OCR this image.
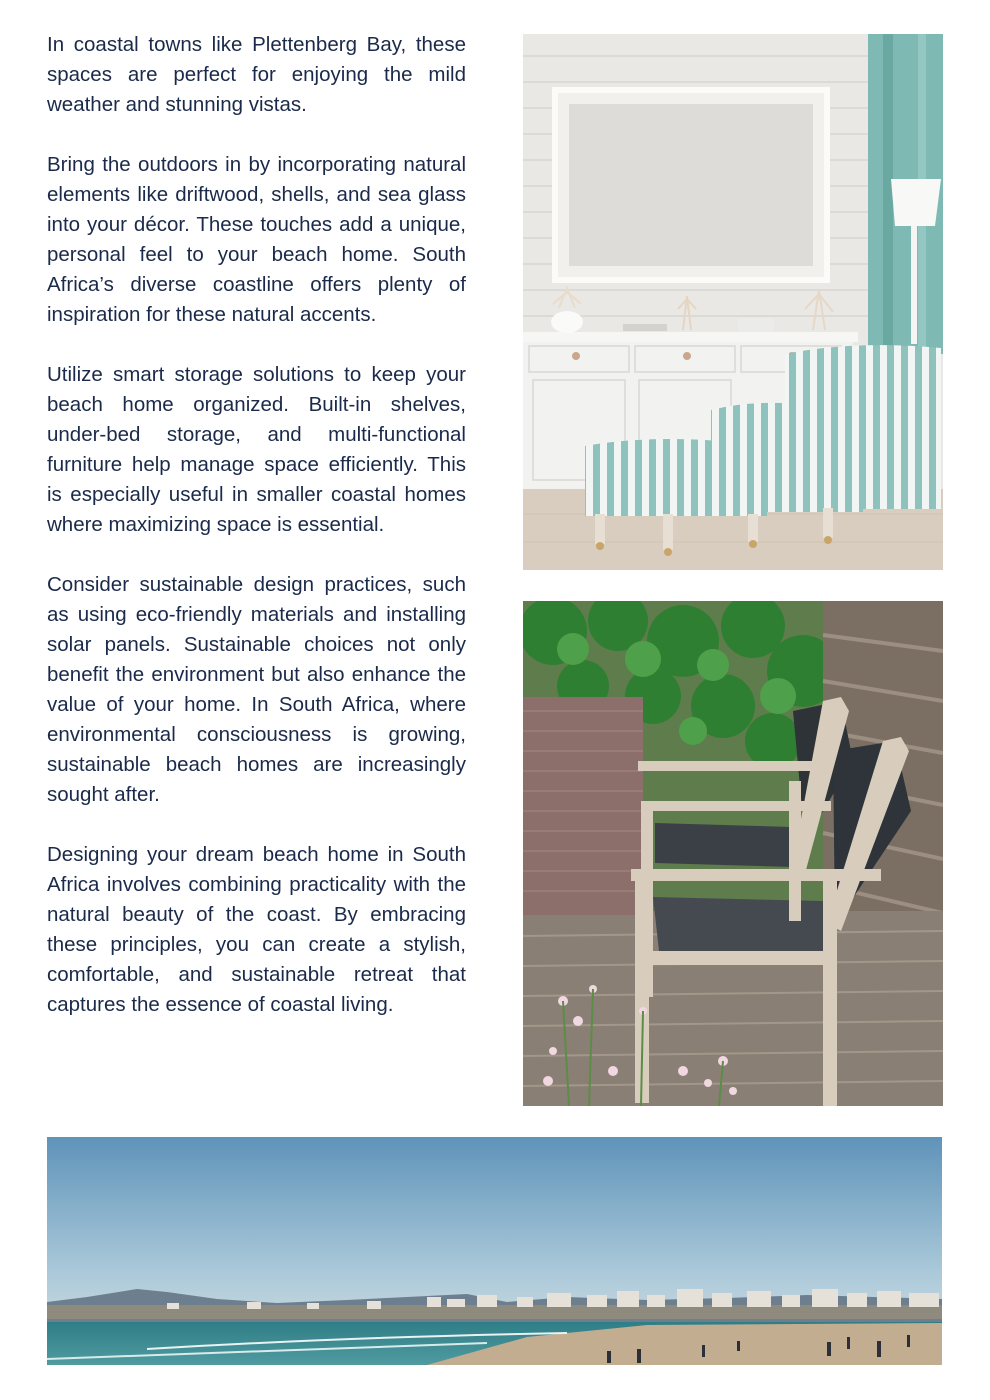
In coastal towns like Plettenberg Bay, these spaces are perfect for enjoying the mild weather and stunning vistas.

Bring the outdoors in by incorporating natural elements like driftwood, shells, and sea glass into your décor. These touches add a unique, personal feel to your beach home. South Africa’s diverse coastline offers plenty of inspiration for these natural accents.

Utilize smart storage solutions to keep your beach home organized. Built-in shelves, under-bed storage, and multi-functional furniture help manage space efficiently. This is especially useful in smaller coastal homes where maximizing space is essential.

Consider sustainable design practices, such as using eco-friendly materials and installing solar panels. Sustainable choices not only benefit the environment but also enhance the value of your home. In South Africa, where environmental consciousness is growing, sustainable beach homes are increasingly sought after.

Designing your dream beach home in South Africa involves combining practicality with the natural beauty of the coast. By embracing these principles, you can create a stylish, comfortable, and sustainable retreat that captures the essence of coastal living.
